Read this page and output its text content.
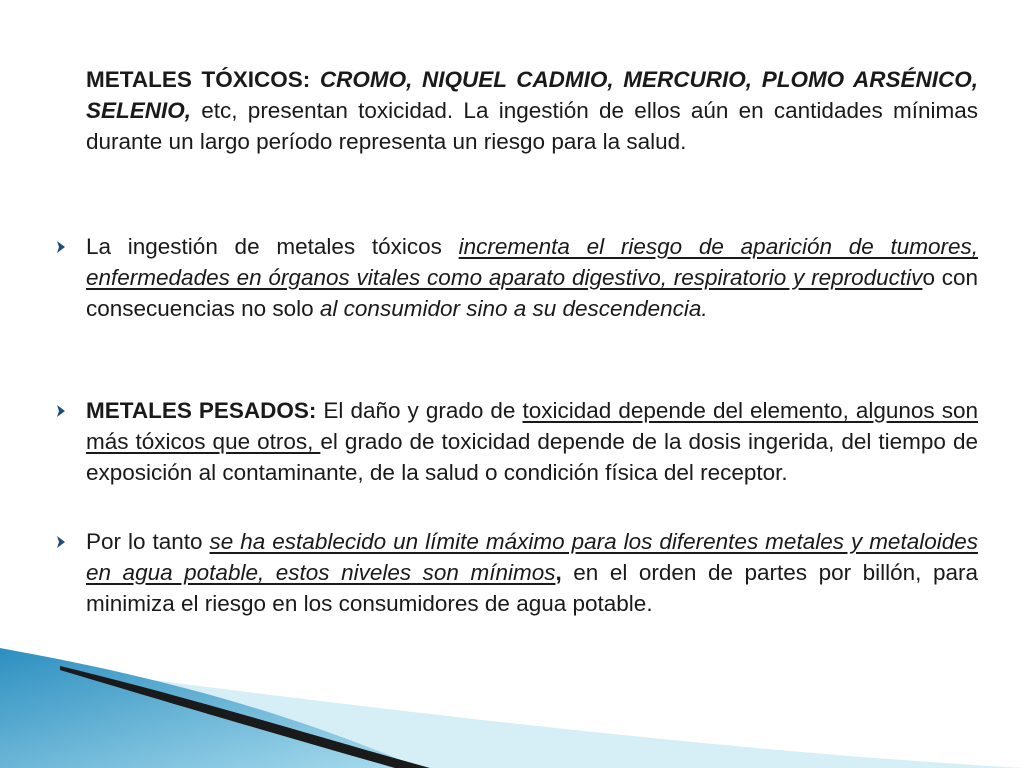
METALES TÓXICOS: CROMO, NIQUEL CADMIO, MERCURIO, PLOMO ARSÉNICO, SELENIO, etc, presentan toxicidad. La ingestión de ellos aún en cantidades mínimas durante un largo período representa un riesgo para la salud.

La ingestión de metales tóxicos incrementa el riesgo de aparición de tumores, enfermedades en órganos vitales como aparato digestivo, respiratorio y reproductivo con consecuencias no solo al consumidor sino a su descendencia.

METALES PESADOS: El daño y grado de toxicidad depende del elemento, algunos son más tóxicos que otros, el grado de toxicidad depende de la dosis ingerida, del tiempo de exposición al contaminante, de la salud o condición física del receptor.

Por lo tanto se ha establecido un límite máximo para los diferentes metales y metaloides en agua potable, estos niveles son mínimos, en el orden de partes por billón, para minimiza el riesgo en los consumidores de agua potable.
